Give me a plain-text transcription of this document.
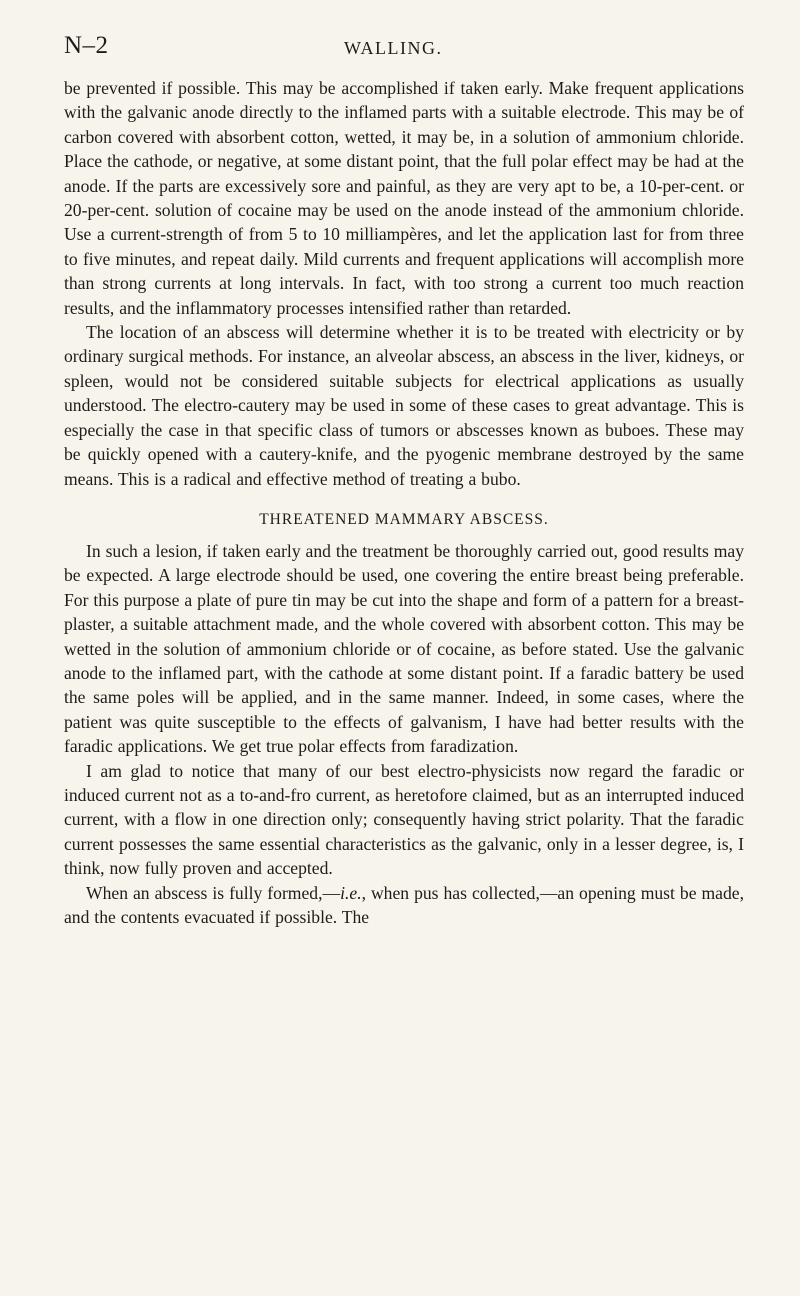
N–2	WALLING.

be prevented if possible. This may be accomplished if taken early. Make frequent applications with the galvanic anode directly to the inflamed parts with a suitable electrode. This may be of carbon covered with absorbent cotton, wetted, it may be, in a solution of ammonium chloride. Place the cathode, or negative, at some distant point, that the full polar effect may be had at the anode. If the parts are excessively sore and painful, as they are very apt to be, a 10-per-cent. or 20-per-cent. solution of cocaine may be used on the anode instead of the ammonium chloride. Use a current-strength of from 5 to 10 milliampères, and let the application last for from three to five minutes, and repeat daily. Mild currents and frequent applications will accomplish more than strong currents at long intervals. In fact, with too strong a current too much reaction results, and the inflammatory processes intensified rather than retarded.

The location of an abscess will determine whether it is to be treated with electricity or by ordinary surgical methods. For instance, an alveolar abscess, an abscess in the liver, kidneys, or spleen, would not be considered suitable subjects for electrical applications as usually understood. The electro-cautery may be used in some of these cases to great advantage. This is especially the case in that specific class of tumors or abscesses known as buboes. These may be quickly opened with a cautery-knife, and the pyogenic membrane destroyed by the same means. This is a radical and effective method of treating a bubo.

THREATENED MAMMARY ABSCESS.

In such a lesion, if taken early and the treatment be thoroughly carried out, good results may be expected. A large electrode should be used, one covering the entire breast being preferable. For this purpose a plate of pure tin may be cut into the shape and form of a pattern for a breast-plaster, a suitable attachment made, and the whole covered with absorbent cotton. This may be wetted in the solution of ammonium chloride or of cocaine, as before stated. Use the galvanic anode to the inflamed part, with the cathode at some distant point. If a faradic battery be used the same poles will be applied, and in the same manner. Indeed, in some cases, where the patient was quite susceptible to the effects of galvanism, I have had better results with the faradic applications. We get true polar effects from faradization.

I am glad to notice that many of our best electro-physicists now regard the faradic or induced current not as a to-and-fro current, as heretofore claimed, but as an interrupted induced current, with a flow in one direction only; consequently having strict polarity. That the faradic current possesses the same essential characteristics as the galvanic, only in a lesser degree, is, I think, now fully proven and accepted.

When an abscess is fully formed,—i.e., when pus has collected,—an opening must be made, and the contents evacuated if possible. The
